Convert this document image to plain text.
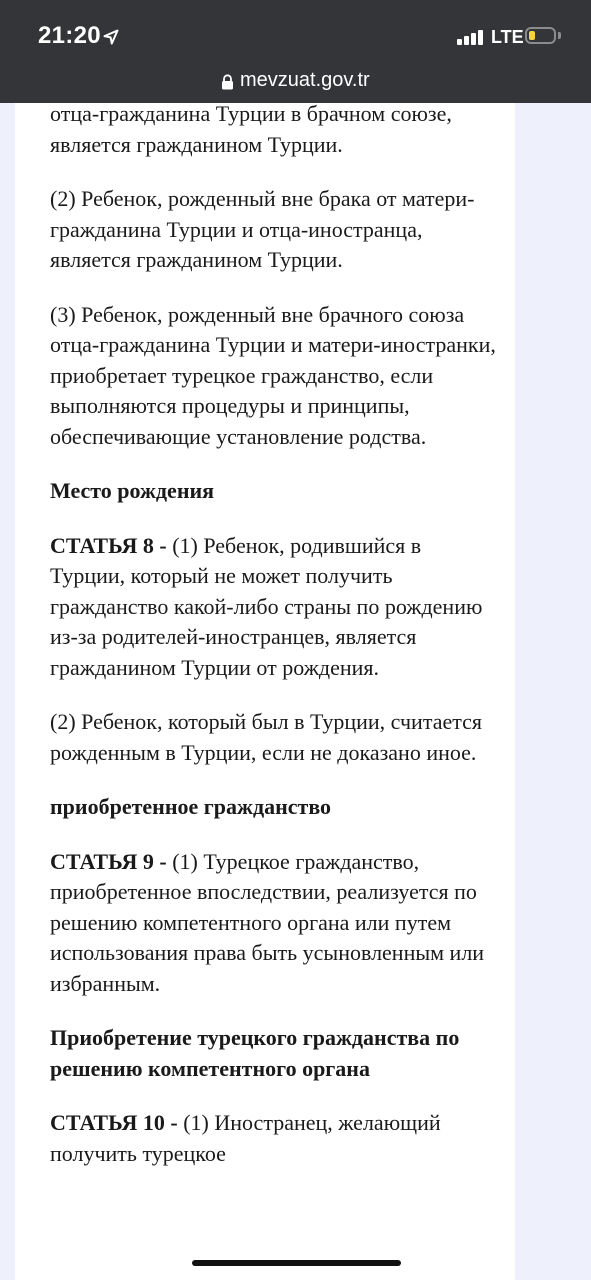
21:20	LTE
mevzuat.gov.tr

отца-гражданина Турции в брачном союзе, является гражданином Турции.

(2) Ребенок, рожденный вне брака от матери-гражданина Турции и отца-иностранца, является гражданином Турции.

(3) Ребенок, рожденный вне брачного союза отца-гражданина Турции и матери-иностранки, приобретает турецкое гражданство, если выполняются процедуры и принципы, обеспечивающие установление родства.

Место рождения

СТАТЬЯ 8 - (1) Ребенок, родившийся в Турции, который не может получить гражданство какой-либо страны по рождению из-за родителей-иностранцев, является гражданином Турции от рождения.

(2) Ребенок, который был в Турции, считается рожденным в Турции, если не доказано иное.

приобретенное гражданство

СТАТЬЯ 9 - (1) Турецкое гражданство, приобретенное впоследствии, реализуется по решению компетентного органа или путем использования права быть усыновленным или избранным.

Приобретение турецкого гражданства по решению компетентного органа

СТАТЬЯ 10 - (1) Иностранец, желающий получить турецкое
